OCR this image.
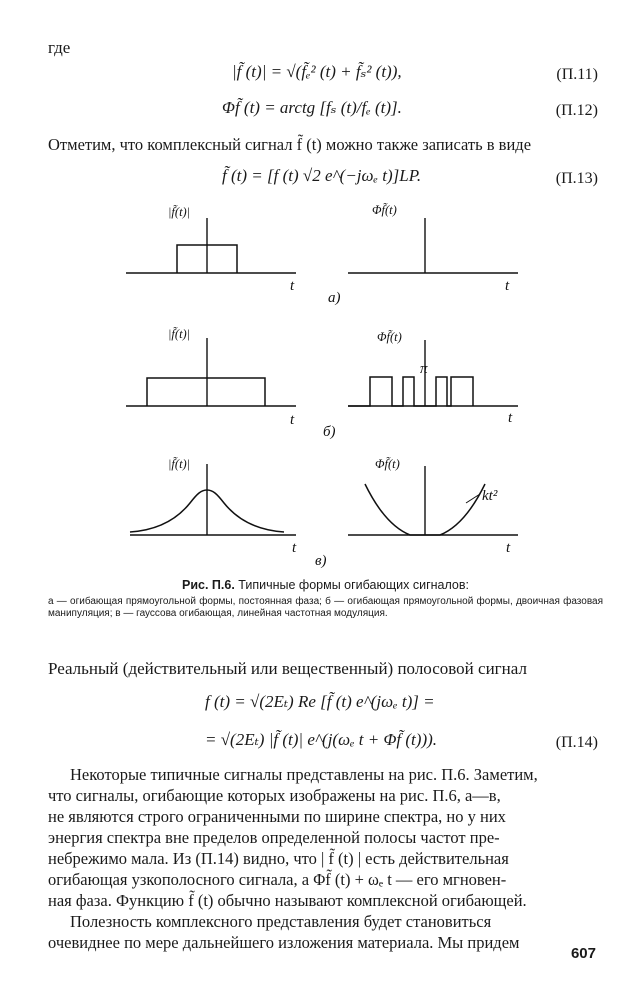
где
|f̃ (t)| = √(f̃ₑ² (t) + f̃ₛ² (t)),	(П.11)
Φf̃ (t) = arctg [fₛ (t)/fₑ (t)].	(П.12)
Отметим, что комплексный сигнал f̃ (t) можно также записать в виде
f̃ (t) = [f (t) √2 e^(−jωₑ t)]LP.	(П.13)
|f̃(t)|
t
Φf̃(t)
t
а)
|f̃(t)|
t
Φf̃(t)
π
t
б)
|f̃(t)|
t
Φf̃(t)
kt²
t
в)
Рис. П.6. Типичные формы огибающих сигналов:
а — огибающая прямоугольной формы, постоянная фаза; б — огибающая прямоугольной формы, двоичная фазовая манипуляция; в — гауссова огибающая, линейная частотная модуляция.
Реальный (действительный или вещественный) полосовой сигнал
f (t) = √(2Eₜ) Re [f̃ (t) e^(jωₑ t)] =
= √(2Eₜ) |f̃ (t)| e^(j(ωₑ t + Φf̃ (t))).	(П.14)
Некоторые типичные сигналы представлены на рис. П.6. Заметим,
что сигналы, огибающие которых изображены на рис. П.6, а—в,
не являются строго ограниченными по ширине спектра, но у них
энергия спектра вне пределов определенной полосы частот пре-
небрежимо мала. Из (П.14) видно, что | f̃ (t) | есть действительная
огибающая узкополосного сигнала, а Φf̃ (t) + ωₑ t — его мгновен-
ная фаза. Функцию f̃ (t) обычно называют комплексной огибающей.
Полезность комплексного представления будет становиться
очевиднее по мере дальнейшего изложения материала. Мы придем
607
